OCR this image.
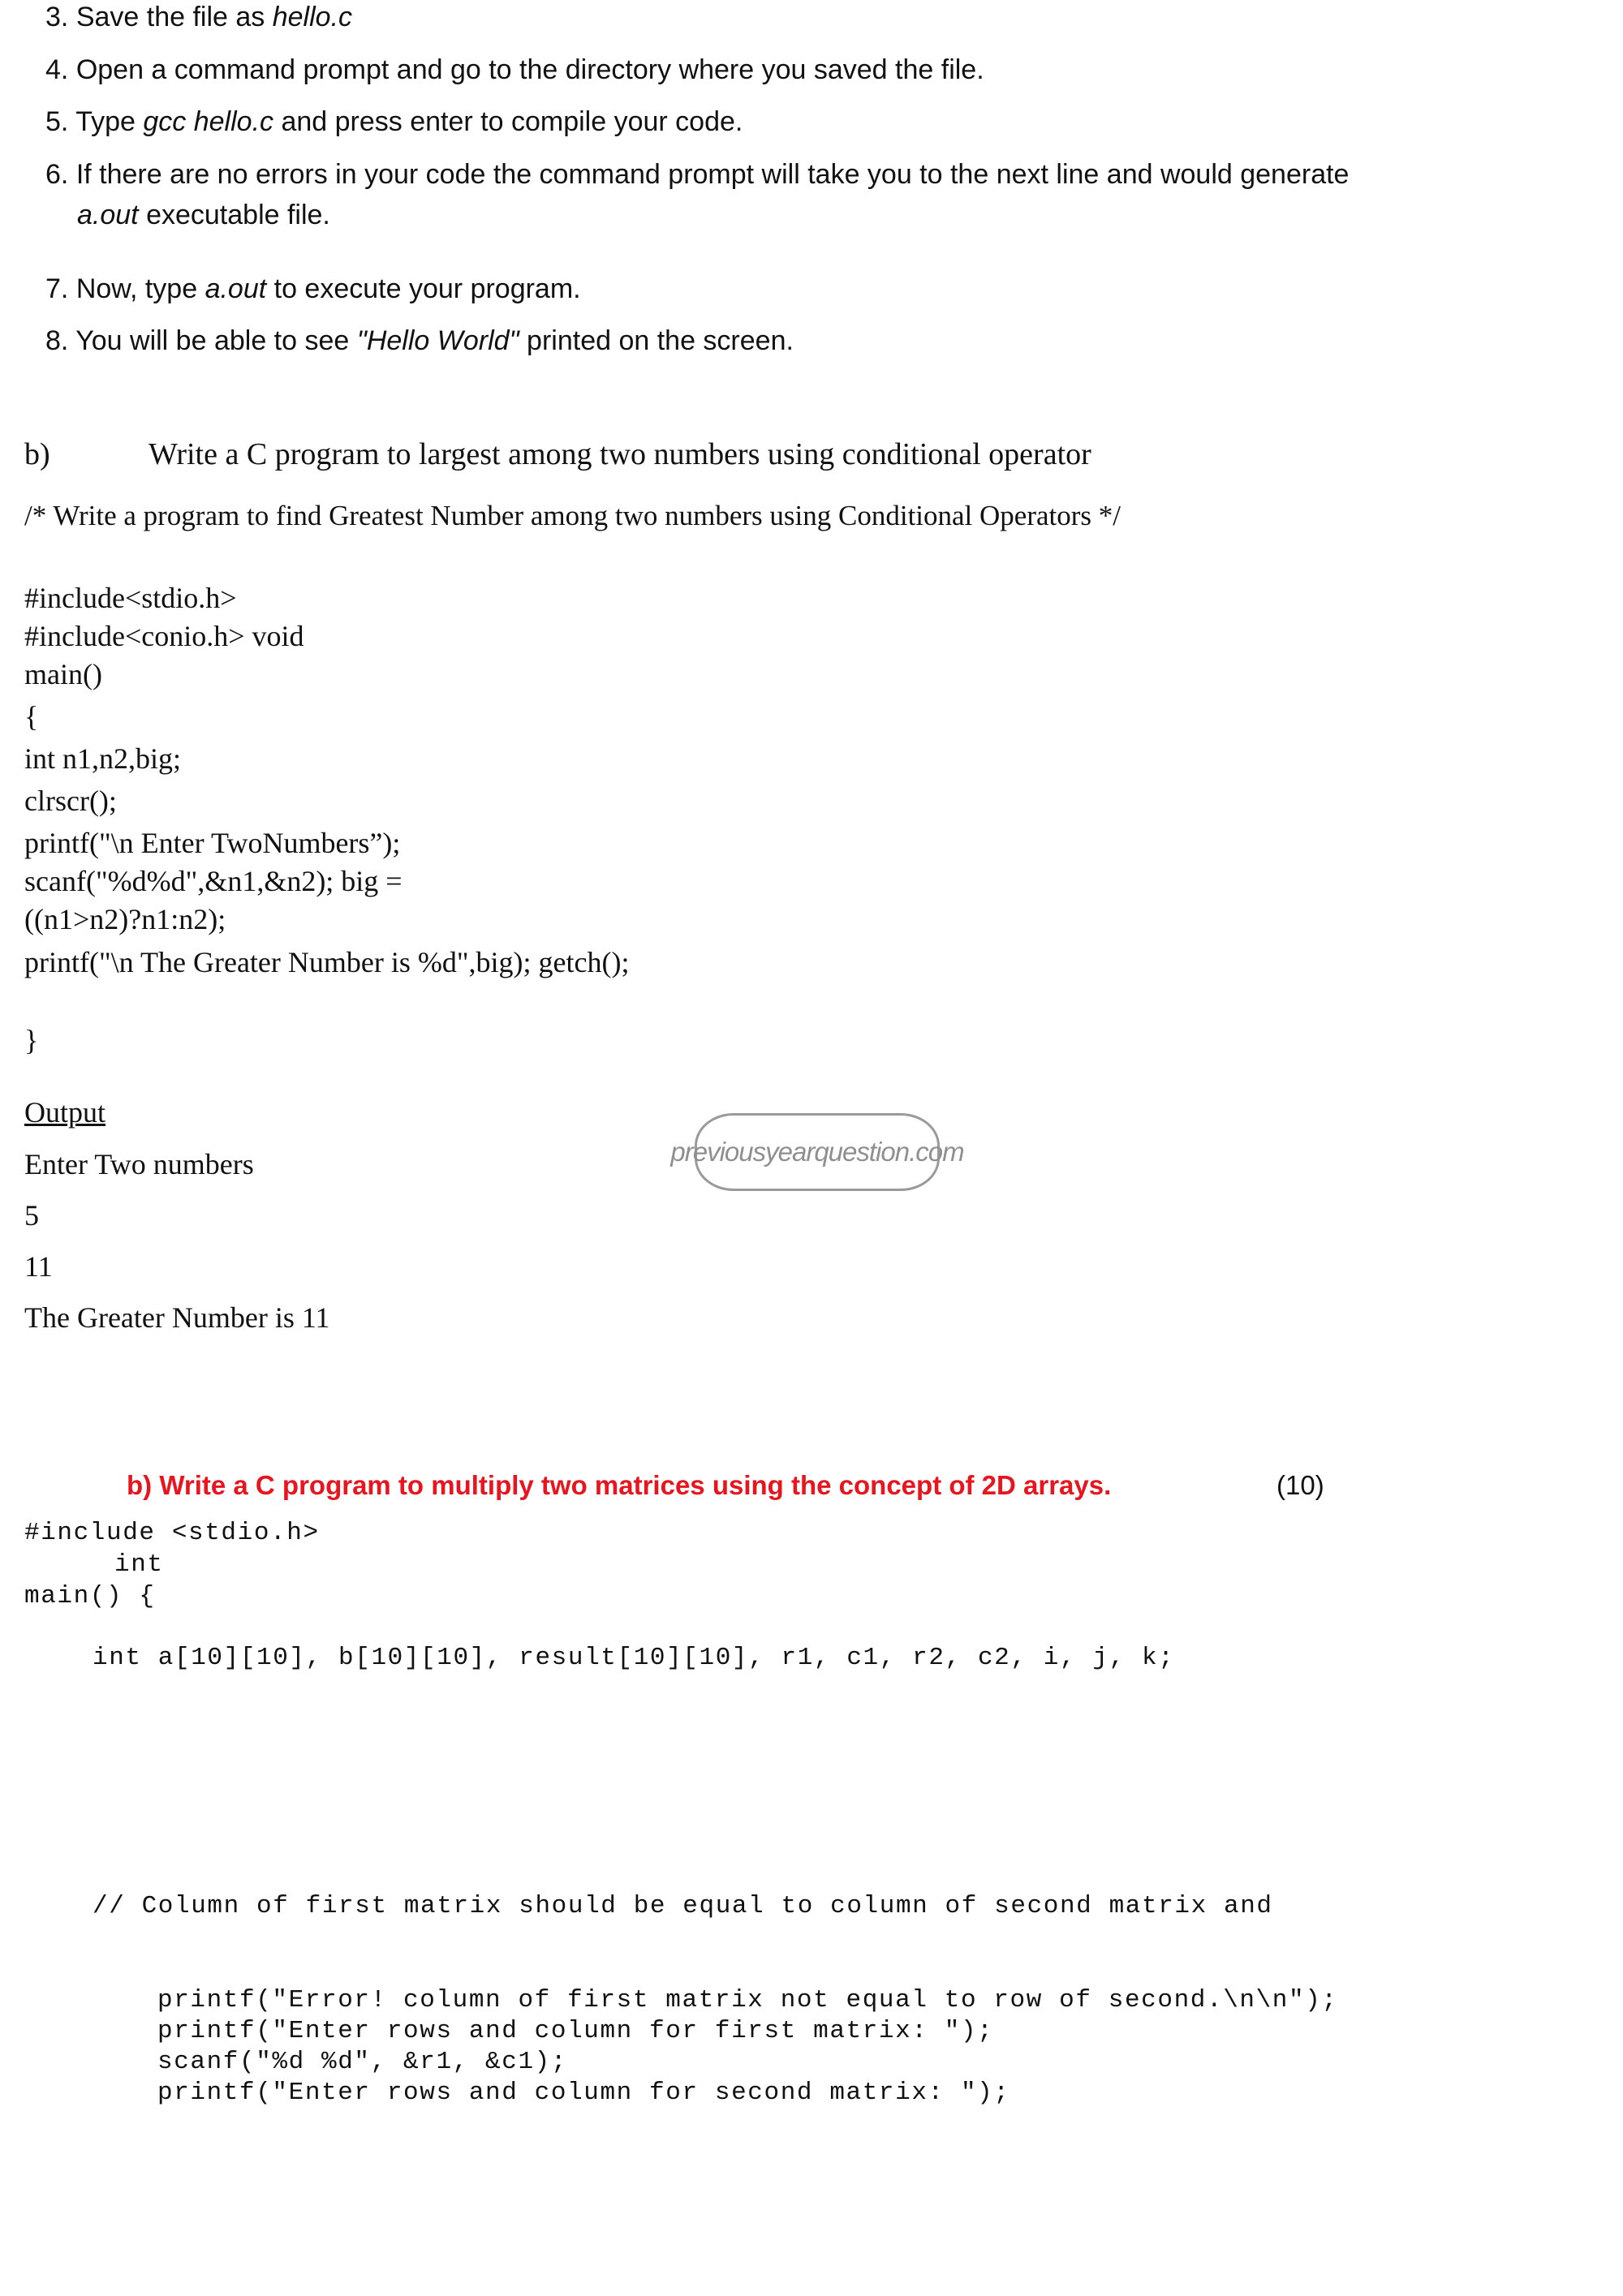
3. Save the file as hello.c
4. Open a command prompt and go to the directory where you saved the file.
5. Type gcc hello.c and press enter to compile your code.
6. If there are no errors in your code the command prompt will take you to the next line and would generate
a.out executable file.
7. Now, type a.out to execute your program.
8. You will be able to see "Hello World" printed on the screen.
b)	Write a C program to largest among two numbers using conditional operator
/* Write a program to find Greatest Number among two numbers using Conditional Operators */
#include<stdio.h>
#include<conio.h> void
main()
{
int n1,n2,big;
clrscr();
printf("\n Enter TwoNumbers”);
scanf("%d%d",&n1,&n2); big =
((n1>n2)?n1:n2);
printf("\n The Greater Number is %d",big); getch();
}
Output
Enter Two numbers
5
11
The Greater Number is 11
previousyearquestion.com
b) Write a C program to multiply two matrices using the concept of 2D arrays.	(10)
#include <stdio.h>
int
main() {
int a[10][10], b[10][10], result[10][10], r1, c1, r2, c2, i, j, k;
// Column of first matrix should be equal to column of second matrix and
printf("Error! column of first matrix not equal to row of second.\n\n");
printf("Enter rows and column for first matrix: ");
scanf("%d %d", &r1, &c1);
printf("Enter rows and column for second matrix: ");
